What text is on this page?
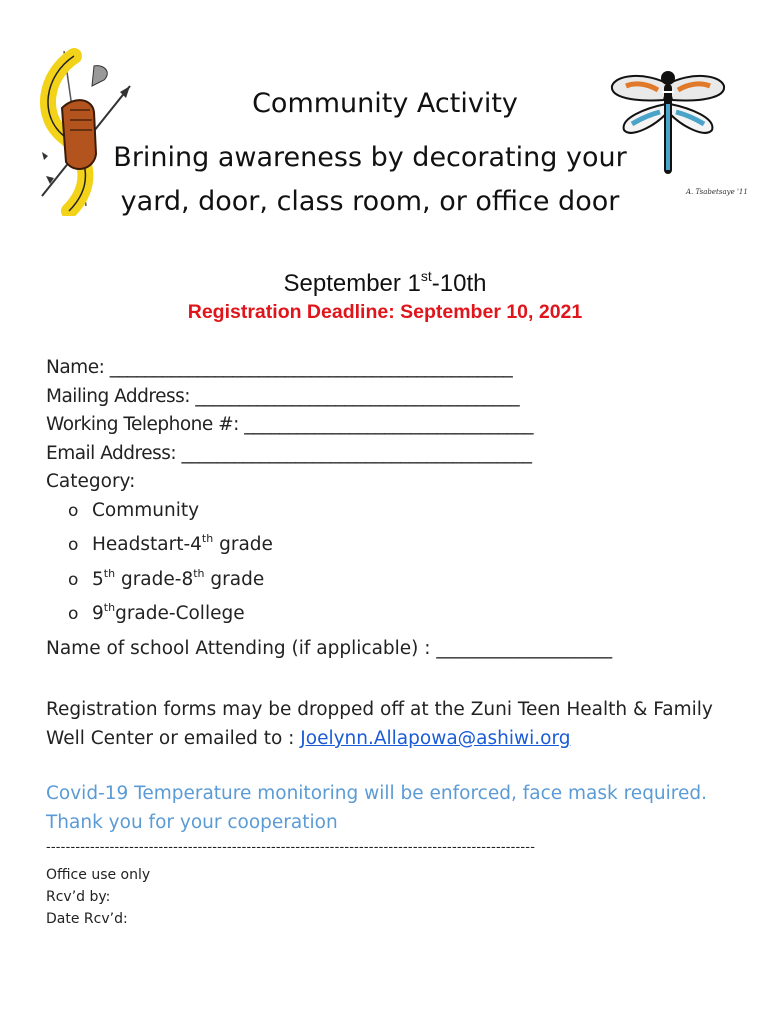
A. Tsabetsaye '11
Community Activity
Brining awareness by decorating your
yard, door, class room, or office door
September 1st-10th
Registration Deadline: September 10, 2021
Name: ______________________________________________
Mailing Address: _____________________________________
Working Telephone #: _________________________________
Email Address: ________________________________________
Category:
o Community
o Headstart-4th grade
o 5th grade-8th grade
o 9thgrade-College
Name of school Attending (if applicable) : ___________________
Registration forms may be dropped off at the Zuni Teen Health & Family
Well Center or emailed to : Joelynn.Allapowa@ashiwi.org
Covid-19 Temperature monitoring will be enforced, face mask required.
Thank you for your cooperation
----------------------------------------------------------------------------------------------------
Office use only
Rcv’d by:
Date Rcv’d:
